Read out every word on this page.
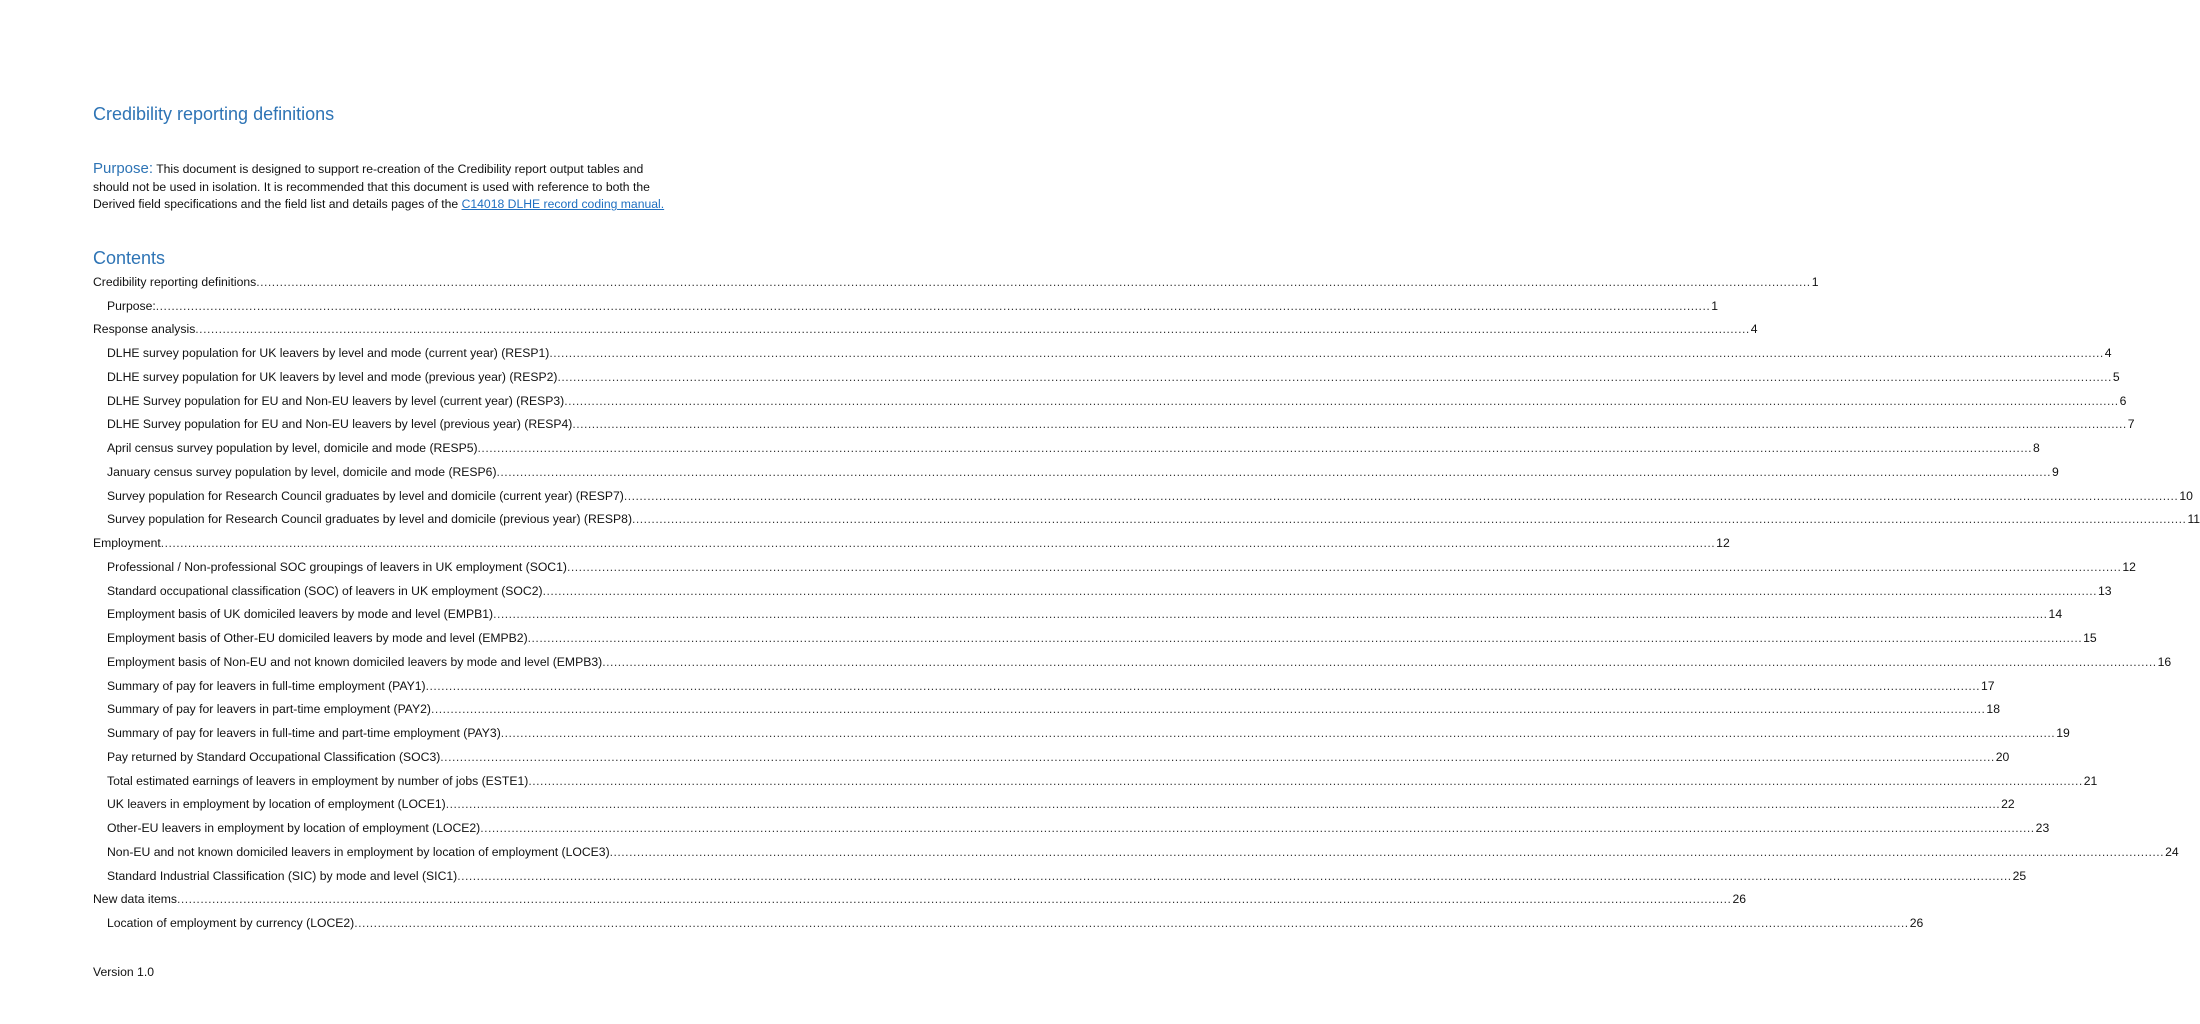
Credibility reporting definitions

Purpose: This document is designed to support re-creation of the Credibility report output tables and should not be used in isolation. It is recommended that this document is used with reference to both the Derived field specifications and the field list and details pages of the C14018 DLHE record coding manual.

Contents
Credibility reporting definitions ................................................................................................................................................................................................................................................................................................................................................................................................................ 1
Purpose: ................................................................................................................................................................................................................................................................................................................................................................................................................ 1
Response analysis ................................................................................................................................................................................................................................................................................................................................................................................................................ 4
DLHE survey population for UK leavers by level and mode (current year) (RESP1) ................................................................................................................................................................................................................................................................................................................................................................................................................ 4
DLHE survey population for UK leavers by level and mode (previous year) (RESP2) ................................................................................................................................................................................................................................................................................................................................................................................................................ 5
DLHE Survey population for EU and Non-EU leavers by level (current year) (RESP3) ................................................................................................................................................................................................................................................................................................................................................................................................................ 6
DLHE Survey population for EU and Non-EU leavers by level (previous year) (RESP4) ................................................................................................................................................................................................................................................................................................................................................................................................................ 7
April census survey population by level, domicile and mode (RESP5) ................................................................................................................................................................................................................................................................................................................................................................................................................ 8
January census survey population by level, domicile and mode (RESP6) ................................................................................................................................................................................................................................................................................................................................................................................................................ 9
Survey population for Research Council graduates by level and domicile (current year) (RESP7) ................................................................................................................................................................................................................................................................................................................................................................................................................ 10
Survey population for Research Council graduates by level and domicile (previous year) (RESP8) ................................................................................................................................................................................................................................................................................................................................................................................................................ 11
Employment ................................................................................................................................................................................................................................................................................................................................................................................................................ 12
Professional / Non-professional SOC groupings of leavers in UK employment (SOC1) ................................................................................................................................................................................................................................................................................................................................................................................................................ 12
Standard occupational classification (SOC) of leavers in UK employment (SOC2) ................................................................................................................................................................................................................................................................................................................................................................................................................ 13
Employment basis of UK domiciled leavers by mode and level (EMPB1) ................................................................................................................................................................................................................................................................................................................................................................................................................ 14
Employment basis of Other-EU domiciled leavers by mode and level (EMPB2) ................................................................................................................................................................................................................................................................................................................................................................................................................ 15
Employment basis of Non-EU and not known domiciled leavers by mode and level (EMPB3) ................................................................................................................................................................................................................................................................................................................................................................................................................ 16
Summary of pay for leavers in full-time employment (PAY1) ................................................................................................................................................................................................................................................................................................................................................................................................................ 17
Summary of pay for leavers in part-time employment (PAY2) ................................................................................................................................................................................................................................................................................................................................................................................................................ 18
Summary of pay for leavers in full-time and part-time employment (PAY3) ................................................................................................................................................................................................................................................................................................................................................................................................................ 19
Pay returned by Standard Occupational Classification (SOC3) ................................................................................................................................................................................................................................................................................................................................................................................................................ 20
Total estimated earnings of leavers in employment by number of jobs (ESTE1) ................................................................................................................................................................................................................................................................................................................................................................................................................ 21
UK leavers in employment by location of employment (LOCE1) ................................................................................................................................................................................................................................................................................................................................................................................................................ 22
Other-EU leavers in employment by location of employment (LOCE2) ................................................................................................................................................................................................................................................................................................................................................................................................................ 23
Non-EU and not known domiciled leavers in employment by location of employment (LOCE3) ................................................................................................................................................................................................................................................................................................................................................................................................................ 24
Standard Industrial Classification (SIC) by mode and level (SIC1) ................................................................................................................................................................................................................................................................................................................................................................................................................ 25
New data items ................................................................................................................................................................................................................................................................................................................................................................................................................ 26
Location of employment by currency (LOCE2) ................................................................................................................................................................................................................................................................................................................................................................................................................ 26

Version 1.0
